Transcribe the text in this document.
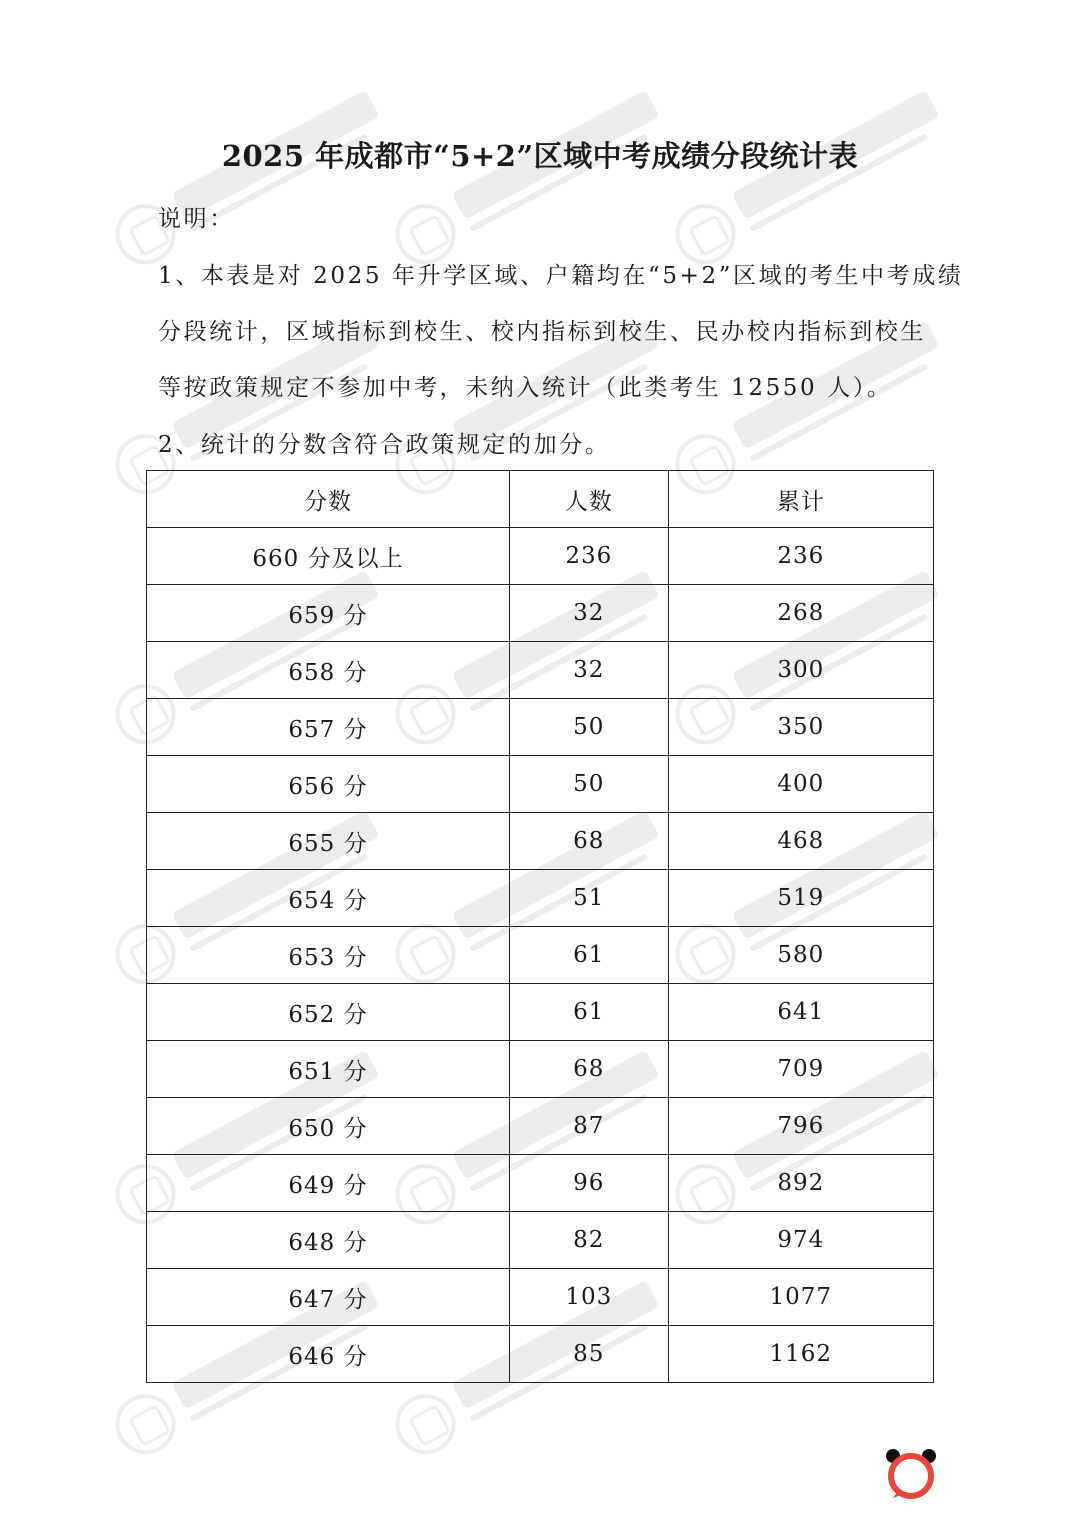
2025 年成都市“5+2”区域中考成绩分段统计表
说明：
1、本表是对 2025 年升学区域、户籍均在“5+2”区域的考生中考成绩
分段统计，区域指标到校生、校内指标到校生、民办校内指标到校生
等按政策规定不参加中考，未纳入统计（此类考生 12550 人）。
2、统计的分数含符合政策规定的加分。
分数	人数	累计
660 分及以上	236	236
659 分	32	268
658 分	32	300
657 分	50	350
656 分	50	400
655 分	68	468
654 分	51	519
653 分	61	580
652 分	61	641
651 分	68	709
650 分	87	796
649 分	96	892
648 分	82	974
647 分	103	1077
646 分	85	1162
